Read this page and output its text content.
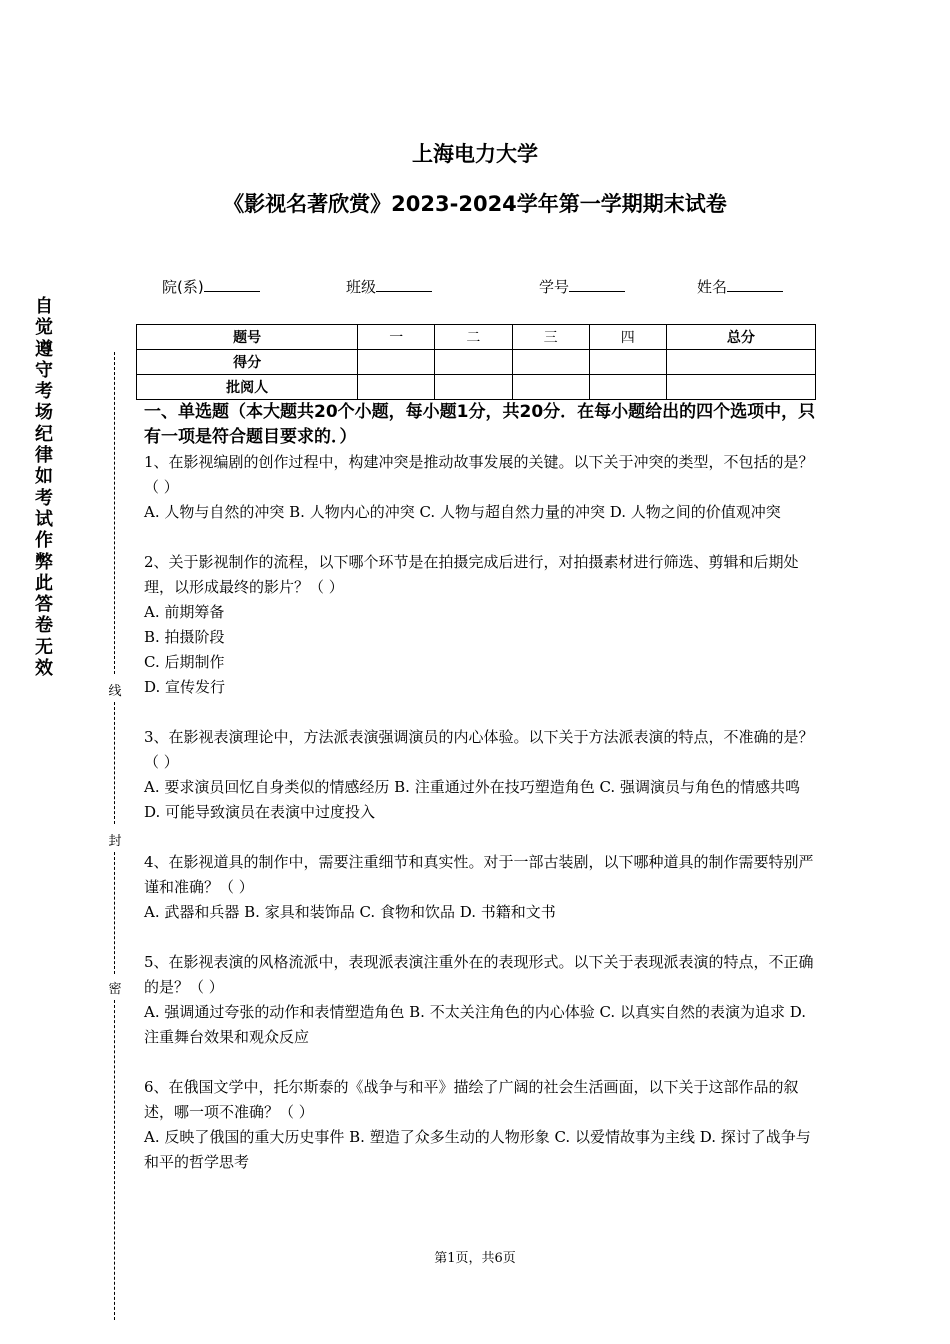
自觉遵守考场纪律如考试作弊此答卷无效
线
封
密
上海电力大学
《影视名著欣赏》2023-2024学年第一学期期末试卷
院(系)	班级	学号	姓名
题号	一	二	三	四	总分
得分					
批阅人					
一、单选题（本大题共20个小题，每小题1分，共20分．在每小题给出的四个选项中，只有一项是符合题目要求的．）

1、在影视编剧的创作过程中，构建冲突是推动故事发展的关键。以下关于冲突的类型，不包括的是？（ ）

A. 人物与自然的冲突 B. 人物内心的冲突 C. 人物与超自然力量的冲突 D. 人物之间的价值观冲突

2、关于影视制作的流程，以下哪个环节是在拍摄完成后进行，对拍摄素材进行筛选、剪辑和后期处理，以形成最终的影片？（ ）

A. 前期筹备

B. 拍摄阶段

C. 后期制作

D. 宣传发行

3、在影视表演理论中，方法派表演强调演员的内心体验。以下关于方法派表演的特点，不准确的是？（ ）

A. 要求演员回忆自身类似的情感经历 B. 注重通过外在技巧塑造角色 C. 强调演员与角色的情感共鸣 D. 可能导致演员在表演中过度投入

4、在影视道具的制作中，需要注重细节和真实性。对于一部古装剧，以下哪种道具的制作需要特别严谨和准确？（ ）

A. 武器和兵器 B. 家具和装饰品 C. 食物和饮品 D. 书籍和文书

5、在影视表演的风格流派中，表现派表演注重外在的表现形式。以下关于表现派表演的特点，不正确的是？（ ）

A. 强调通过夸张的动作和表情塑造角色 B. 不太关注角色的内心体验 C. 以真实自然的表演为追求 D. 注重舞台效果和观众反应

6、在俄国文学中，托尔斯泰的《战争与和平》描绘了广阔的社会生活画面，以下关于这部作品的叙述，哪一项不准确？（ ）

A. 反映了俄国的重大历史事件 B. 塑造了众多生动的人物形象 C. 以爱情故事为主线 D. 探讨了战争与和平的哲学思考

第1页，共6页
